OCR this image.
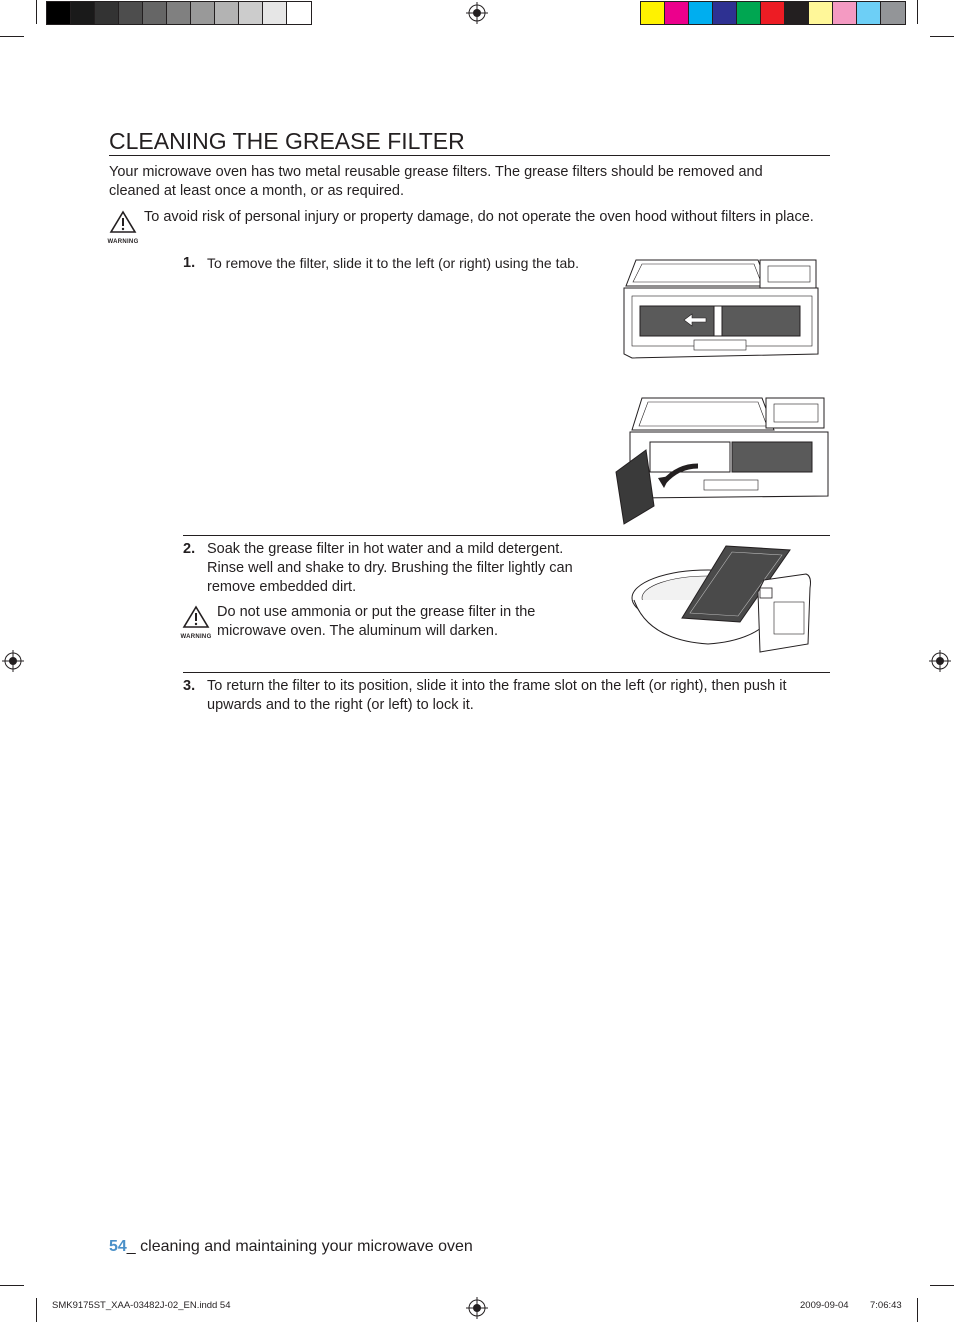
CLEANING THE GREASE FILTER
Your microwave oven has two metal reusable grease filters. The grease filters should be removed and cleaned at least once a month, or as required.
WARNING
To avoid risk of personal injury or property damage, do not operate the oven hood without filters in place.
1. To remove the filter, slide it to the left (or right) using the tab.
2. Soak the grease filter in hot water and a mild detergent. Rinse well and shake to dry. Brushing the filter lightly can remove embedded dirt.
WARNING
Do not use ammonia or put the grease filter in the microwave oven. The aluminum will darken.
3. To return the filter to its position, slide it into the frame slot on the left (or right), then push it upwards and to the right (or left) to lock it.
54_ cleaning and maintaining your microwave oven
SMK9175ST_XAA-03482J-02_EN.indd 54	2009-09-04 7:06:43
